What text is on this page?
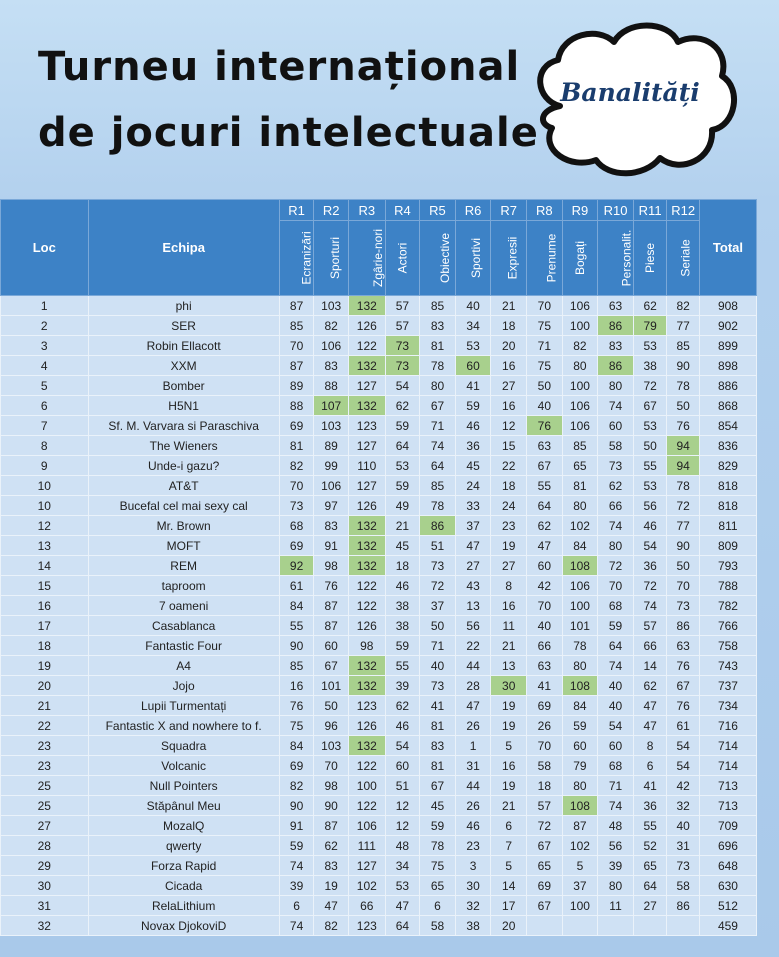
Turneu internațional
de jocuri intelectuale
Banalități
Loc	Echipa	R1	R2	R3	R4	R5	R6	R7	R8	R9	R10	R11	R12	Total
		Ecranizări	Sporturi	Zgârie-nori	Actori	Obiective	Sportivi	Expresii	Prenume	Bogați	Personalit.	Piese	Seriale	
1	phi	87	103	132	57	85	40	21	70	106	63	62	82	908
2	SER	85	82	126	57	83	34	18	75	100	86	79	77	902
3	Robin Ellacott	70	106	122	73	81	53	20	71	82	83	53	85	899
4	XXM	87	83	132	73	78	60	16	75	80	86	38	90	898
5	Bomber	89	88	127	54	80	41	27	50	100	80	72	78	886
6	H5N1	88	107	132	62	67	59	16	40	106	74	67	50	868
7	Sf. M. Varvara si Paraschiva	69	103	123	59	71	46	12	76	106	60	53	76	854
8	The Wieners	81	89	127	64	74	36	15	63	85	58	50	94	836
9	Unde-i gazu?	82	99	110	53	64	45	22	67	65	73	55	94	829
10	AT&T	70	106	127	59	85	24	18	55	81	62	53	78	818
10	Bucefal cel mai sexy cal	73	97	126	49	78	33	24	64	80	66	56	72	818
12	Mr. Brown	68	83	132	21	86	37	23	62	102	74	46	77	811
13	MOFT	69	91	132	45	51	47	19	47	84	80	54	90	809
14	REM	92	98	132	18	73	27	27	60	108	72	36	50	793
15	taproom	61	76	122	46	72	43	8	42	106	70	72	70	788
16	7 oameni	84	87	122	38	37	13	16	70	100	68	74	73	782
17	Casablanca	55	87	126	38	50	56	11	40	101	59	57	86	766
18	Fantastic Four	90	60	98	59	71	22	21	66	78	64	66	63	758
19	A4	85	67	132	55	40	44	13	63	80	74	14	76	743
20	Jojo	16	101	132	39	73	28	30	41	108	40	62	67	737
21	Lupii Turmentați	76	50	123	62	41	47	19	69	84	40	47	76	734
22	Fantastic X and nowhere to f.	75	96	126	46	81	26	19	26	59	54	47	61	716
23	Squadra	84	103	132	54	83	1	5	70	60	60	8	54	714
23	Volcanic	69	70	122	60	81	31	16	58	79	68	6	54	714
25	Null Pointers	82	98	100	51	67	44	19	18	80	71	41	42	713
25	Stăpânul Meu	90	90	122	12	45	26	21	57	108	74	36	32	713
27	MozalQ	91	87	106	12	59	46	6	72	87	48	55	40	709
28	qwerty	59	62	111	48	78	23	7	67	102	56	52	31	696
29	Forza Rapid	74	83	127	34	75	3	5	65	5	39	65	73	648
30	Cicada	39	19	102	53	65	30	14	69	37	80	64	58	630
31	RelaLithium	6	47	66	47	6	32	17	67	100	11	27	86	512
32	Novax DjokoviD	74	82	123	64	58	38	20						459
